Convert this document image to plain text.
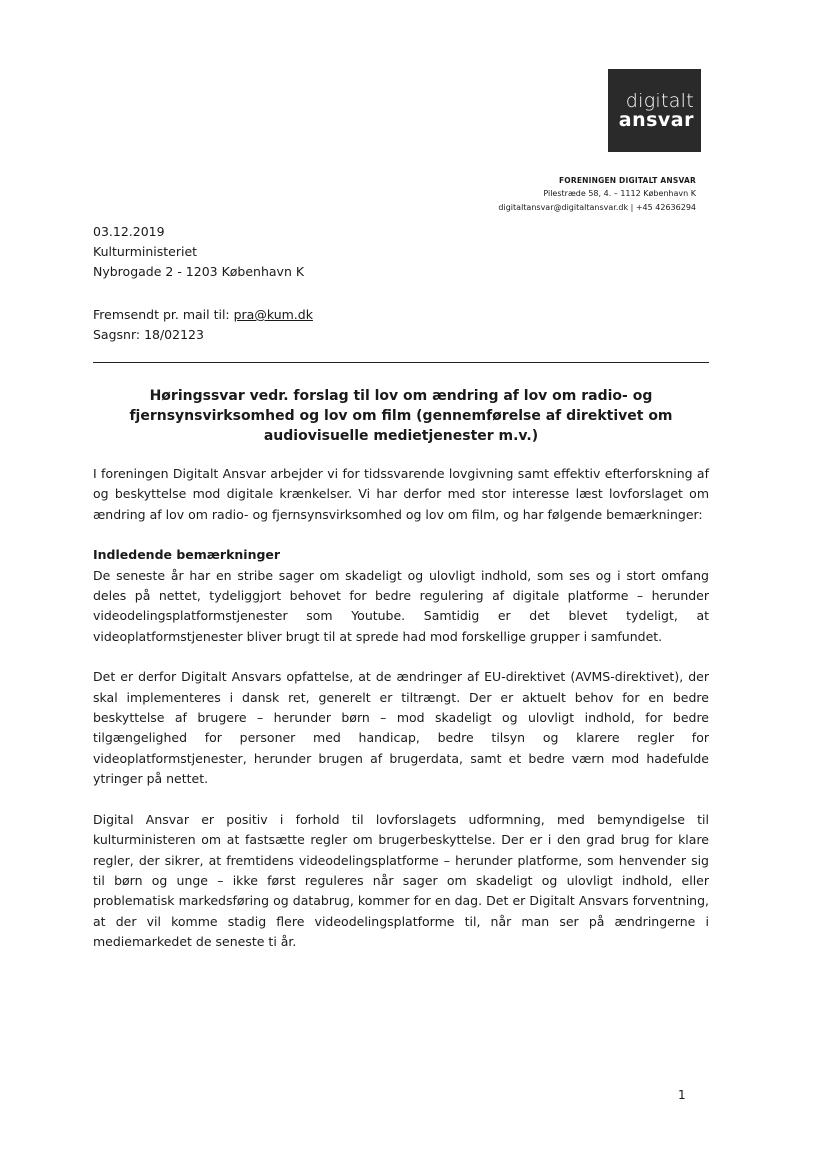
digitalt
ansvar
FORENINGEN DIGITALT ANSVAR
Pilestræde 58, 4. – 1112 København K
digitaltansvar@digitaltansvar.dk | +45 42636294
03.12.2019
Kulturministeriet
Nybrogade 2 - 1203 København K
Fremsendt pr. mail til: pra@kum.dk
Sagsnr: 18/02123
Høringssvar vedr. forslag til lov om ændring af lov om radio- og fjernsynsvirksomhed og lov om film (gennemførelse af direktivet om audiovisuelle medietjenester m.v.)

I foreningen Digitalt Ansvar arbejder vi for tidssvarende lovgivning samt effektiv efterforskning af og beskyttelse mod digitale krænkelser. Vi har derfor med stor interesse læst lovforslaget om ændring af lov om radio- og fjernsynsvirksomhed og lov om film, og har følgende bemærkninger:

Indledende bemærkninger

De seneste år har en stribe sager om skadeligt og ulovligt indhold, som ses og i stort omfang deles på nettet, tydeliggjort behovet for bedre regulering af digitale platforme – herunder videodelingsplatformstjenester som Youtube. Samtidig er det blevet tydeligt, at videoplatformstjenester bliver brugt til at sprede had mod forskellige grupper i samfundet.

Det er derfor Digitalt Ansvars opfattelse, at de ændringer af EU-direktivet (AVMS-direktivet), der skal implementeres i dansk ret, generelt er tiltrængt. Der er aktuelt behov for en bedre beskyttelse af brugere – herunder børn – mod skadeligt og ulovligt indhold, for bedre tilgængelighed for personer med handicap, bedre tilsyn og klarere regler for videoplatformstjenester, herunder brugen af brugerdata, samt et bedre værn mod hadefulde ytringer på nettet.

Digital Ansvar er positiv i forhold til lovforslagets udformning, med bemyndigelse til kulturministeren om at fastsætte regler om brugerbeskyttelse. Der er i den grad brug for klare regler, der sikrer, at fremtidens videodelingsplatforme – herunder platforme, som henvender sig til børn og unge – ikke først reguleres når sager om skadeligt og ulovligt indhold, eller problematisk markedsføring og databrug, kommer for en dag. Det er Digitalt Ansvars forventning, at der vil komme stadig flere videodelingsplatforme til, når man ser på ændringerne i mediemarkedet de seneste ti år.

1
